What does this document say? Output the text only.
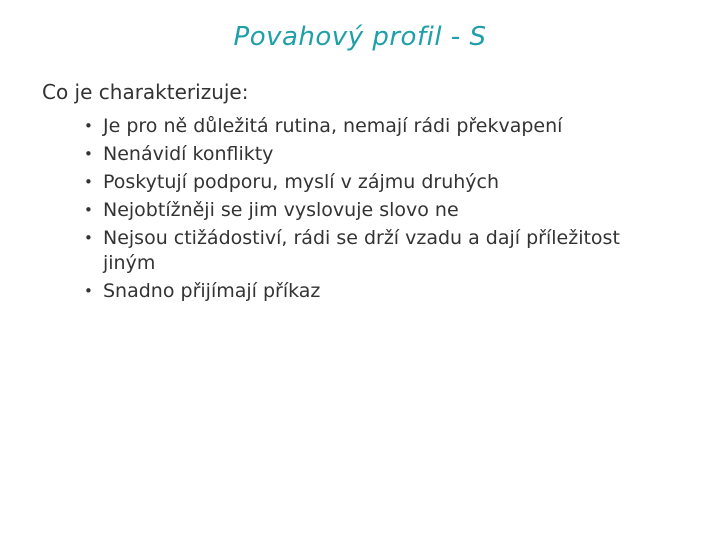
Povahový profil - S
Co je charakterizuje:
• Je pro ně důležitá rutina, nemají rádi překvapení
• Nenávidí konflikty
• Poskytují podporu, myslí v zájmu druhých
• Nejobtížněji se jim vyslovuje slovo ne
• Nejsou ctižádostiví, rádi se drží vzadu a dají příležitost jiným
• Snadno přijímají příkaz
